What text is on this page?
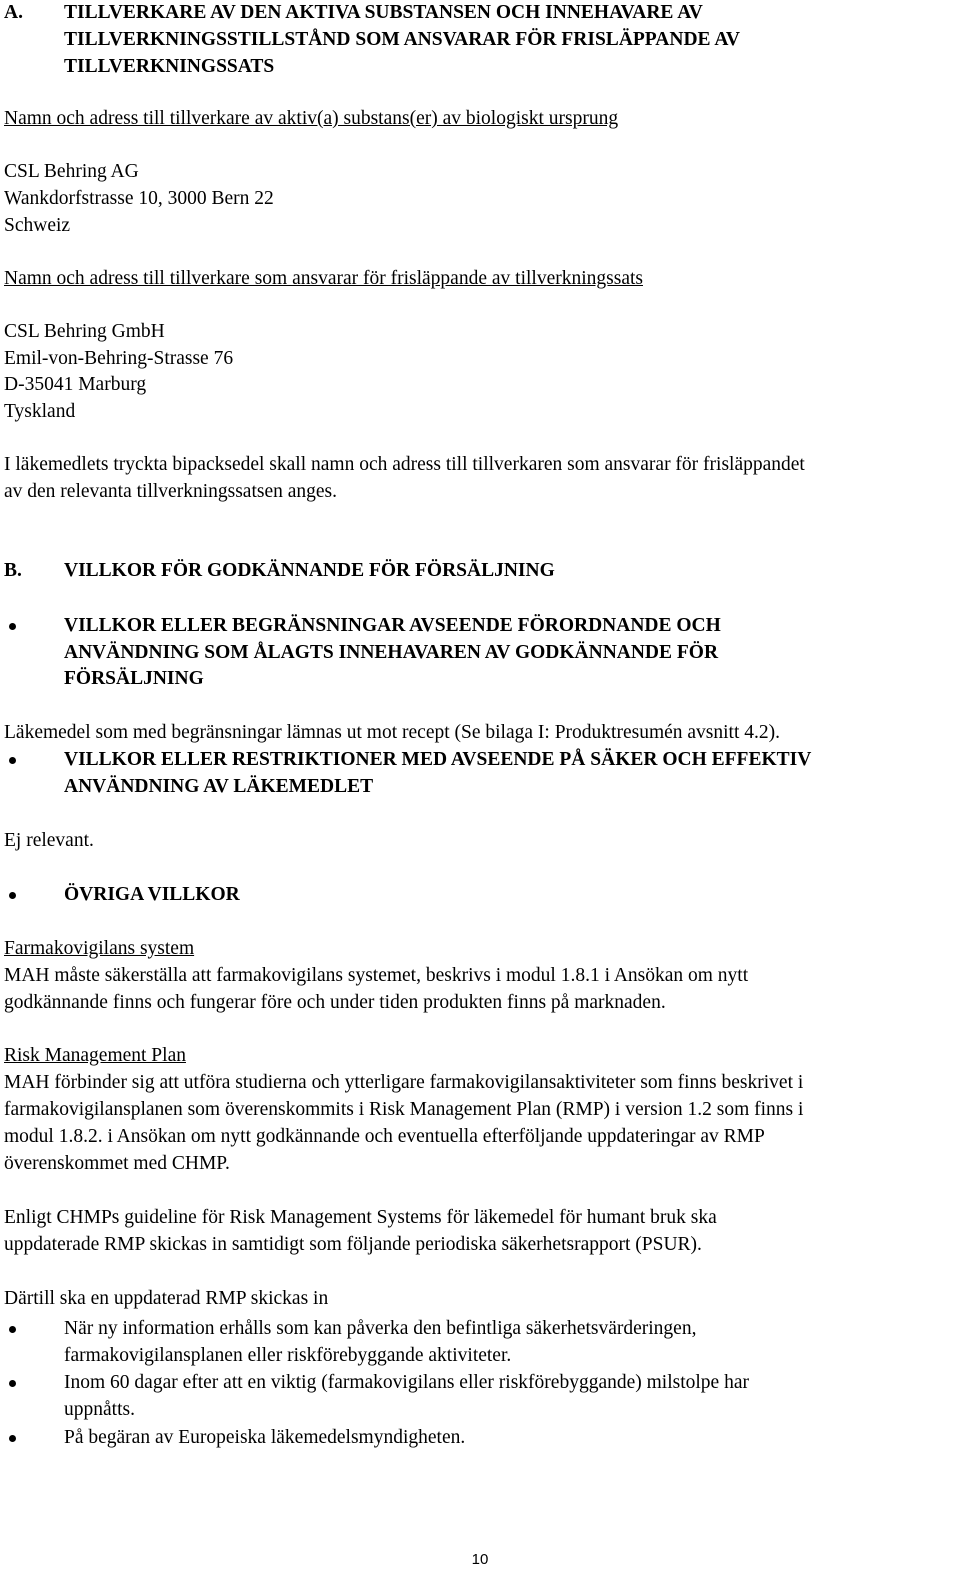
A. TILLVERKARE AV DEN AKTIVA SUBSTANSEN OCH INNEHAVARE AV
TILLVERKNINGSSTILLSTÅND SOM ANSVARAR FÖR FRISLÄPPANDE AV
TILLVERKNINGSSATS
Namn och adress till tillverkare av aktiv(a) substans(er) av biologiskt ursprung
CSL Behring AG
Wankdorfstrasse 10, 3000 Bern 22
Schweiz
Namn och adress till tillverkare som ansvarar för frisläppande av tillverkningssats
CSL Behring GmbH
Emil-von-Behring-Strasse 76
D-35041 Marburg
Tyskland
I läkemedlets tryckta bipacksedel skall namn och adress till tillverkaren som ansvarar för frisläppandet
av den relevanta tillverkningssatsen anges.
B. VILLKOR FÖR GODKÄNNANDE FÖR FÖRSÄLJNING
VILLKOR ELLER BEGRÄNSNINGAR AVSEENDE FÖRORDNANDE OCH
ANVÄNDNING SOM ÅLAGTS INNEHAVAREN AV GODKÄNNANDE FÖR
FÖRSÄLJNING
Läkemedel som med begränsningar lämnas ut mot recept (Se bilaga I: Produktresumén avsnitt 4.2).
VILLKOR ELLER RESTRIKTIONER MED AVSEENDE PÅ SÄKER OCH EFFEKTIV
ANVÄNDNING AV LÄKEMEDLET
Ej relevant.
ÖVRIGA VILLKOR
Farmakovigilans system
MAH måste säkerställa att farmakovigilans systemet, beskrivs i modul 1.8.1 i Ansökan om nytt
godkännande finns och fungerar före och under tiden produkten finns på marknaden.
Risk Management Plan
MAH förbinder sig att utföra studierna och ytterligare farmakovigilansaktiviteter som finns beskrivet i
farmakovigilansplanen som överenskommits i Risk Management Plan (RMP) i version 1.2 som finns i
modul 1.8.2. i Ansökan om nytt godkännande och eventuella efterföljande uppdateringar av RMP
överenskommet med CHMP.
Enligt CHMPs guideline för Risk Management Systems för läkemedel för humant bruk ska
uppdaterade RMP skickas in samtidigt som följande periodiska säkerhetsrapport (PSUR).
Därtill ska en uppdaterad RMP skickas in
När ny information erhålls som kan påverka den befintliga säkerhetsvärderingen,
farmakovigilansplanen eller riskförebyggande aktiviteter.
Inom 60 dagar efter att en viktig (farmakovigilans eller riskförebyggande) milstolpe har
uppnåtts.
På begäran av Europeiska läkemedelsmyndigheten.
10
